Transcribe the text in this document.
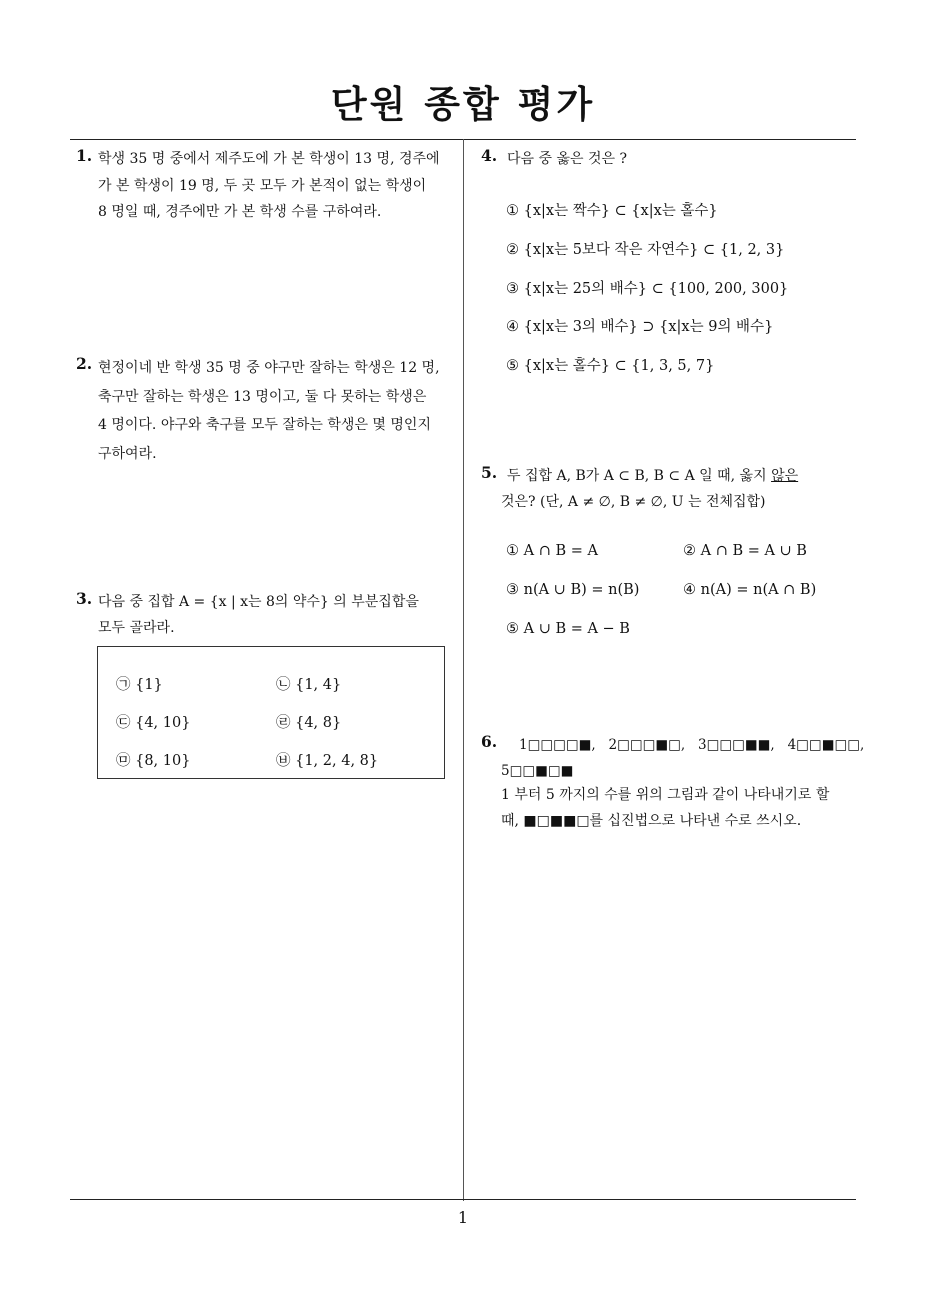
단원 종합 평가
1
1. 학생 35 명 중에서 제주도에 가 본 학생이 13 명, 경주에
가 본 학생이 19 명, 두 곳 모두 가 본적이 없는 학생이
8 명일 때, 경주에만 가 본 학생 수를 구하여라.
2. 현정이네 반 학생 35 명 중 야구만 잘하는 학생은 12 명,
축구만 잘하는 학생은 13 명이고, 둘 다 못하는 학생은
4 명이다. 야구와 축구를 모두 잘하는 학생은 몇 명인지
구하여라.
3. 다음 중 집합 A = {x | x는 8의 약수} 의 부분집합을
모두 골라라.
㉠ {1}	㉡ {1, 4}
㉢ {4, 10}	㉣ {4, 8}
㉤ {8, 10}	㉥ {1, 2, 4, 8}
4. 다음 중 옳은 것은 ?
① {x|x는 짝수} ⊂ {x|x는 홀수}
② {x|x는 5보다 작은 자연수} ⊂ {1, 2, 3}
③ {x|x는 25의 배수} ⊂ {100, 200, 300}
④ {x|x는 3의 배수} ⊃ {x|x는 9의 배수}
⑤ {x|x는 홀수} ⊂ {1, 3, 5, 7}
5. 두 집합 A, B가 A ⊂ B, B ⊂ A 일 때, 옳지 않은
것은? (단, A ≠ ∅, B ≠ ∅, U 는 전체집합)
① A ∩ B = A	② A ∩ B = A ∪ B
③ n(A ∪ B) = n(B)	④ n(A) = n(A ∩ B)
⑤ A ∪ B = A − B
6. 1□□□□■,   2□□□■□,   3□□□■■,   4□□■□□,
5□□■□■
1 부터 5 까지의 수를 위의 그림과 같이 나타내기로 할
때, ■□■■□를 십진법으로 나타낸 수로 쓰시오.
